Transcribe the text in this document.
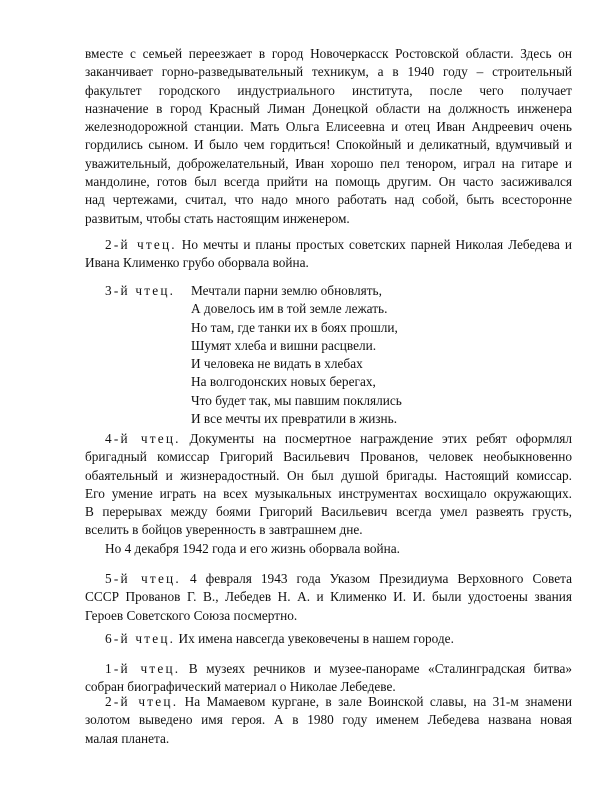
вместе с семьей переезжает в город Новочеркасск Ростовской области. Здесь он
заканчивает горно-разведывательный техникум, а в 1940 году – строительный
факультет городского индустриального института, после чего получает
назначение в город Красный Лиман Донецкой области на должность инженера
железнодорожной станции. Мать Ольга Елисеевна и отец Иван Андреевич очень
гордились сыном. И было чем гордиться! Спокойный и деликатный, вдумчивый и
уважительный, доброжелательный, Иван хорошо пел тенором, играл на гитаре и
мандолине, готов был всегда прийти на помощь другим. Он часто засиживался
над чертежами, считал, что надо много работать над собой, быть всесторонне
развитым, чтобы стать настоящим инженером.
2-й чтец. Но мечты и планы простых советских парней Николая Лебедева и
Ивана Клименко грубо оборвала война.
3-й чтец. Мечтали парни землю обновлять,
А довелось им в той земле лежать.
Но там, где танки их в боях прошли,
Шумят хлеба и вишни расцвели.
И человека не видать в хлебах
На волгодонских новых берегах,
Что будет так, мы павшим поклялись
И все мечты их превратили в жизнь.
4-й чтец. Документы на посмертное награждение этих ребят оформлял
бригадный комиссар Григорий Васильевич Прованов, человек необыкновенно
обаятельный и жизнерадостный. Он был душой бригады. Настоящий комиссар.
Его умение играть на всех музыкальных инструментах восхищало окружающих.
В перерывах между боями Григорий Васильевич всегда умел развеять грусть,
вселить в бойцов уверенность в завтрашнем дне.
Но 4 декабря 1942 года и его жизнь оборвала война.
5-й чтец. 4 февраля 1943 года Указом Президиума Верховного Совета
СССР Прованов Г. В., Лебедев Н. А. и Клименко И. И. были удостоены звания
Героев Советского Союза посмертно.
6-й чтец. Их имена навсегда увековечены в нашем городе.
1-й чтец. В музеях речников и музее-панораме «Сталинградская битва»
собран биографический материал о Николае Лебедеве.
2-й чтец. На Мамаевом кургане, в зале Воинской славы, на 31-м знамени
золотом выведено имя героя. А в 1980 году именем Лебедева названа новая
малая планета.
